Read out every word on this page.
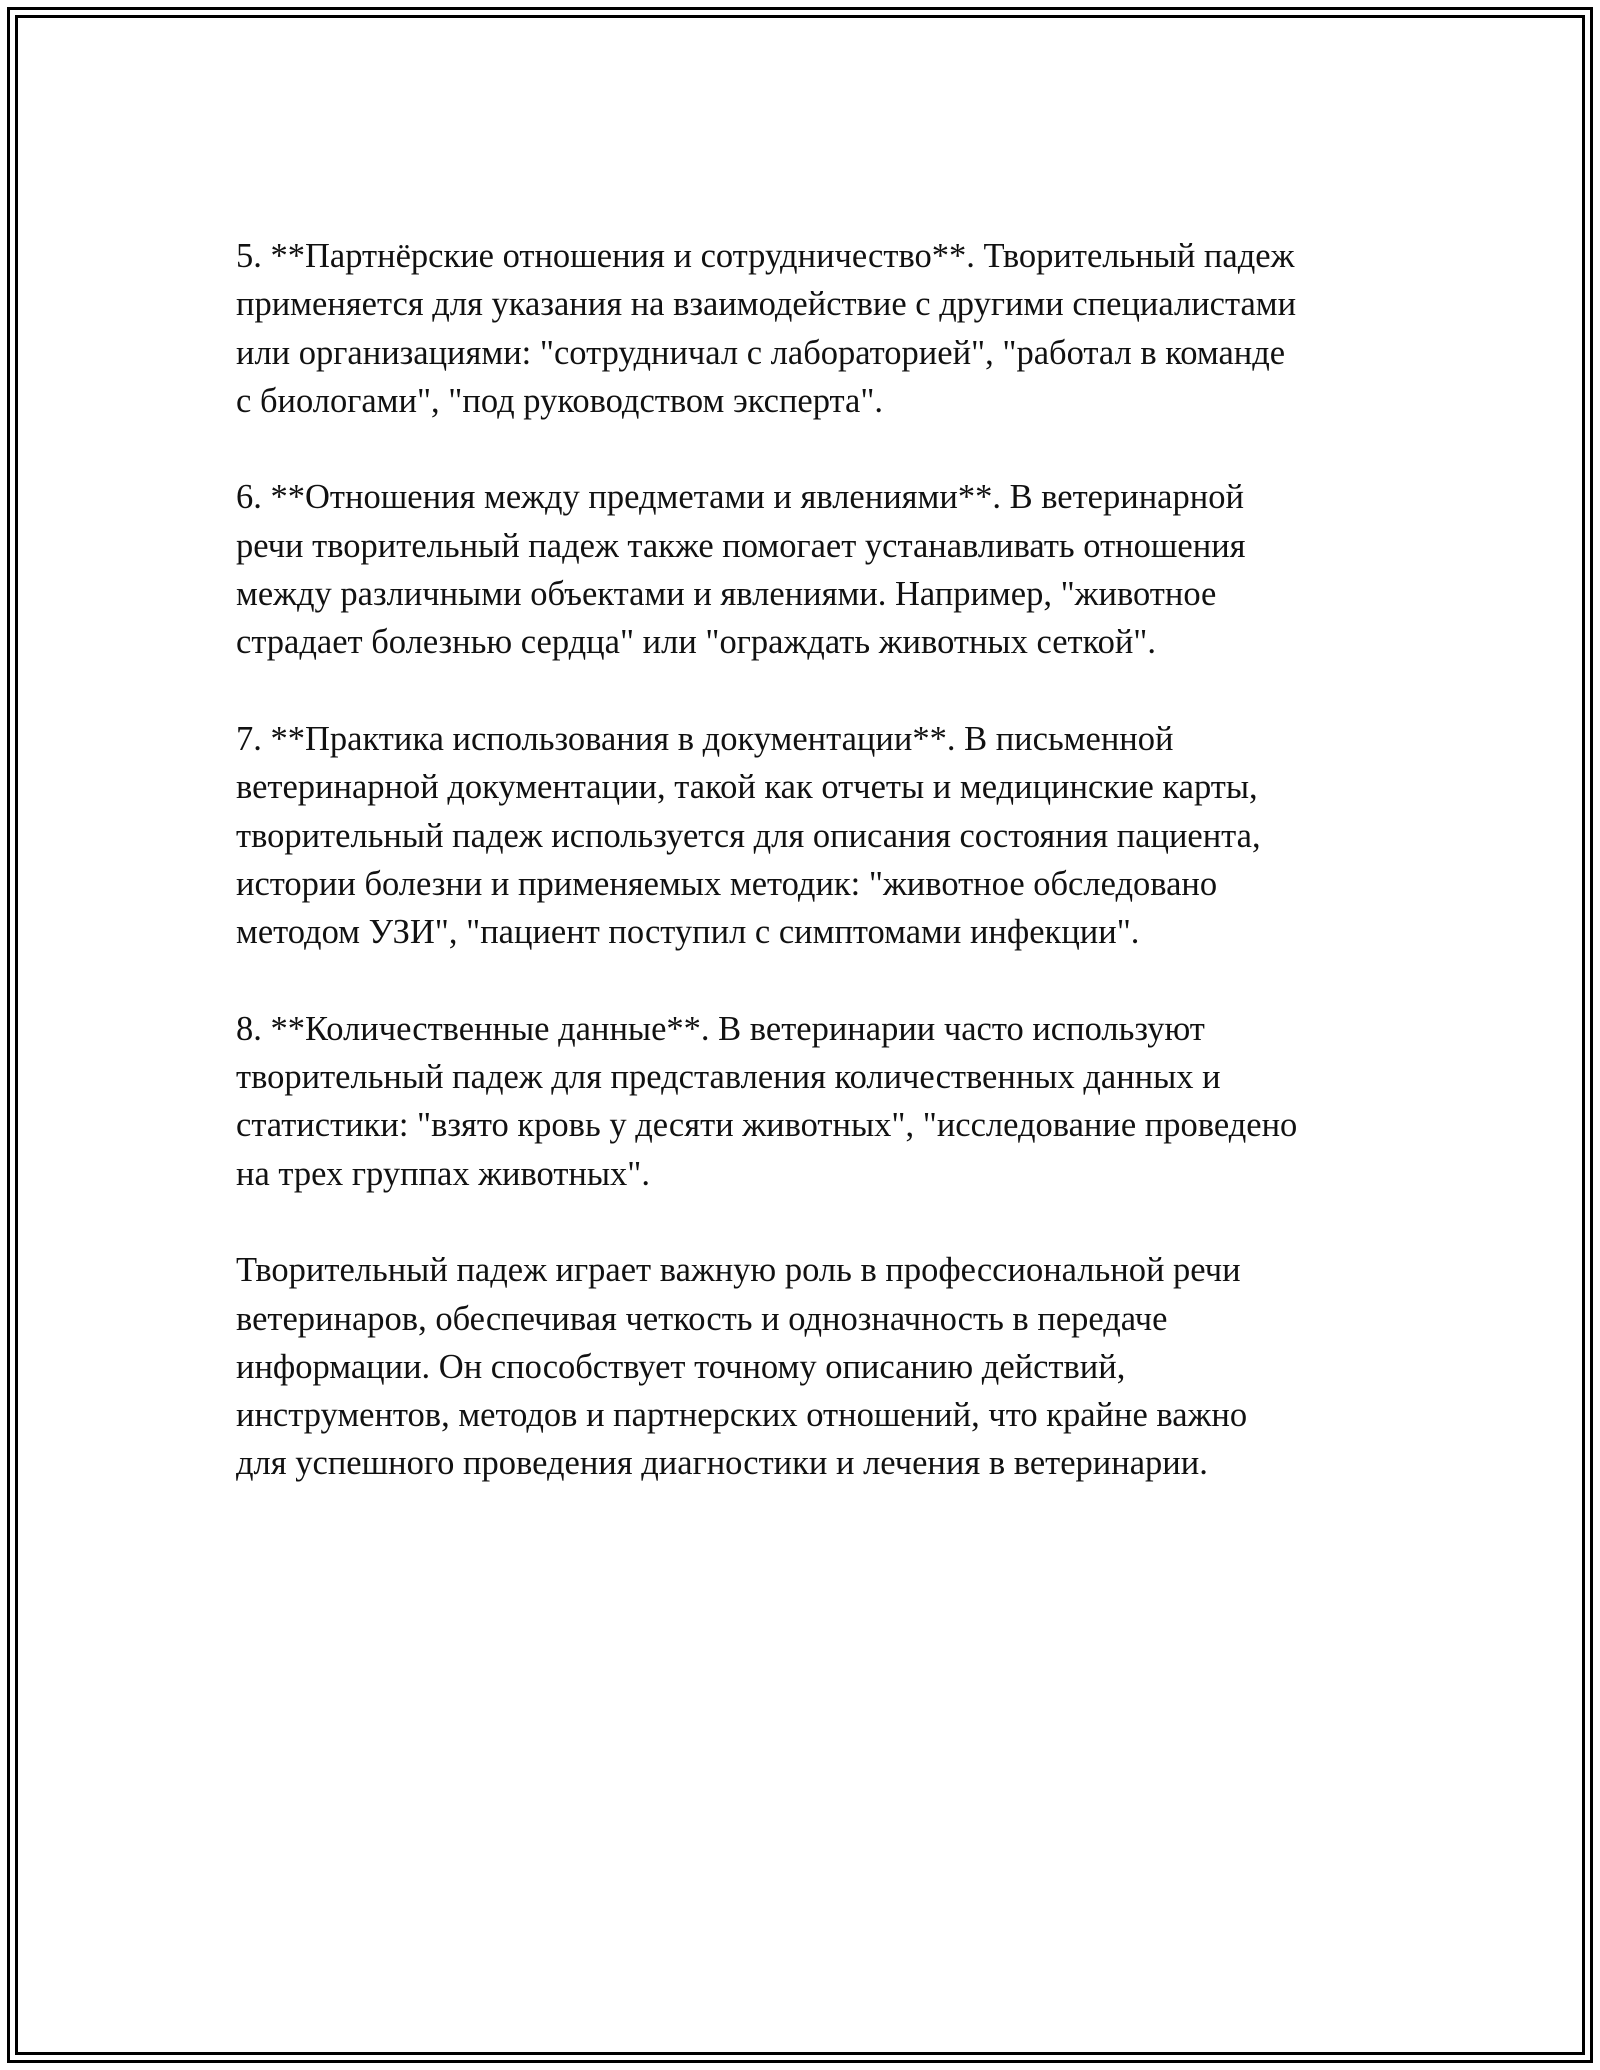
5. **Партнёрские отношения и сотрудничество**. Творительный падеж
применяется для указания на взаимодействие с другими специалистами
или организациями: "сотрудничал с лабораторией", "работал в команде
с биологами", "под руководством эксперта".

6. **Отношения между предметами и явлениями**. В ветеринарной
речи творительный падеж также помогает устанавливать отношения
между различными объектами и явлениями. Например, "животное
страдает болезнью сердца" или "ограждать животных сеткой".

7. **Практика использования в документации**. В письменной
ветеринарной документации, такой как отчеты и медицинские карты,
творительный падеж используется для описания состояния пациента,
истории болезни и применяемых методик: "животное обследовано
методом УЗИ", "пациент поступил с симптомами инфекции".

8. **Количественные данные**. В ветеринарии часто используют
творительный падеж для представления количественных данных и
статистики: "взято кровь у десяти животных", "исследование проведено
на трех группах животных".

Творительный падеж играет важную роль в профессиональной речи
ветеринаров, обеспечивая четкость и однозначность в передаче
информации. Он способствует точному описанию действий,
инструментов, методов и партнерских отношений, что крайне важно
для успешного проведения диагностики и лечения в ветеринарии.
